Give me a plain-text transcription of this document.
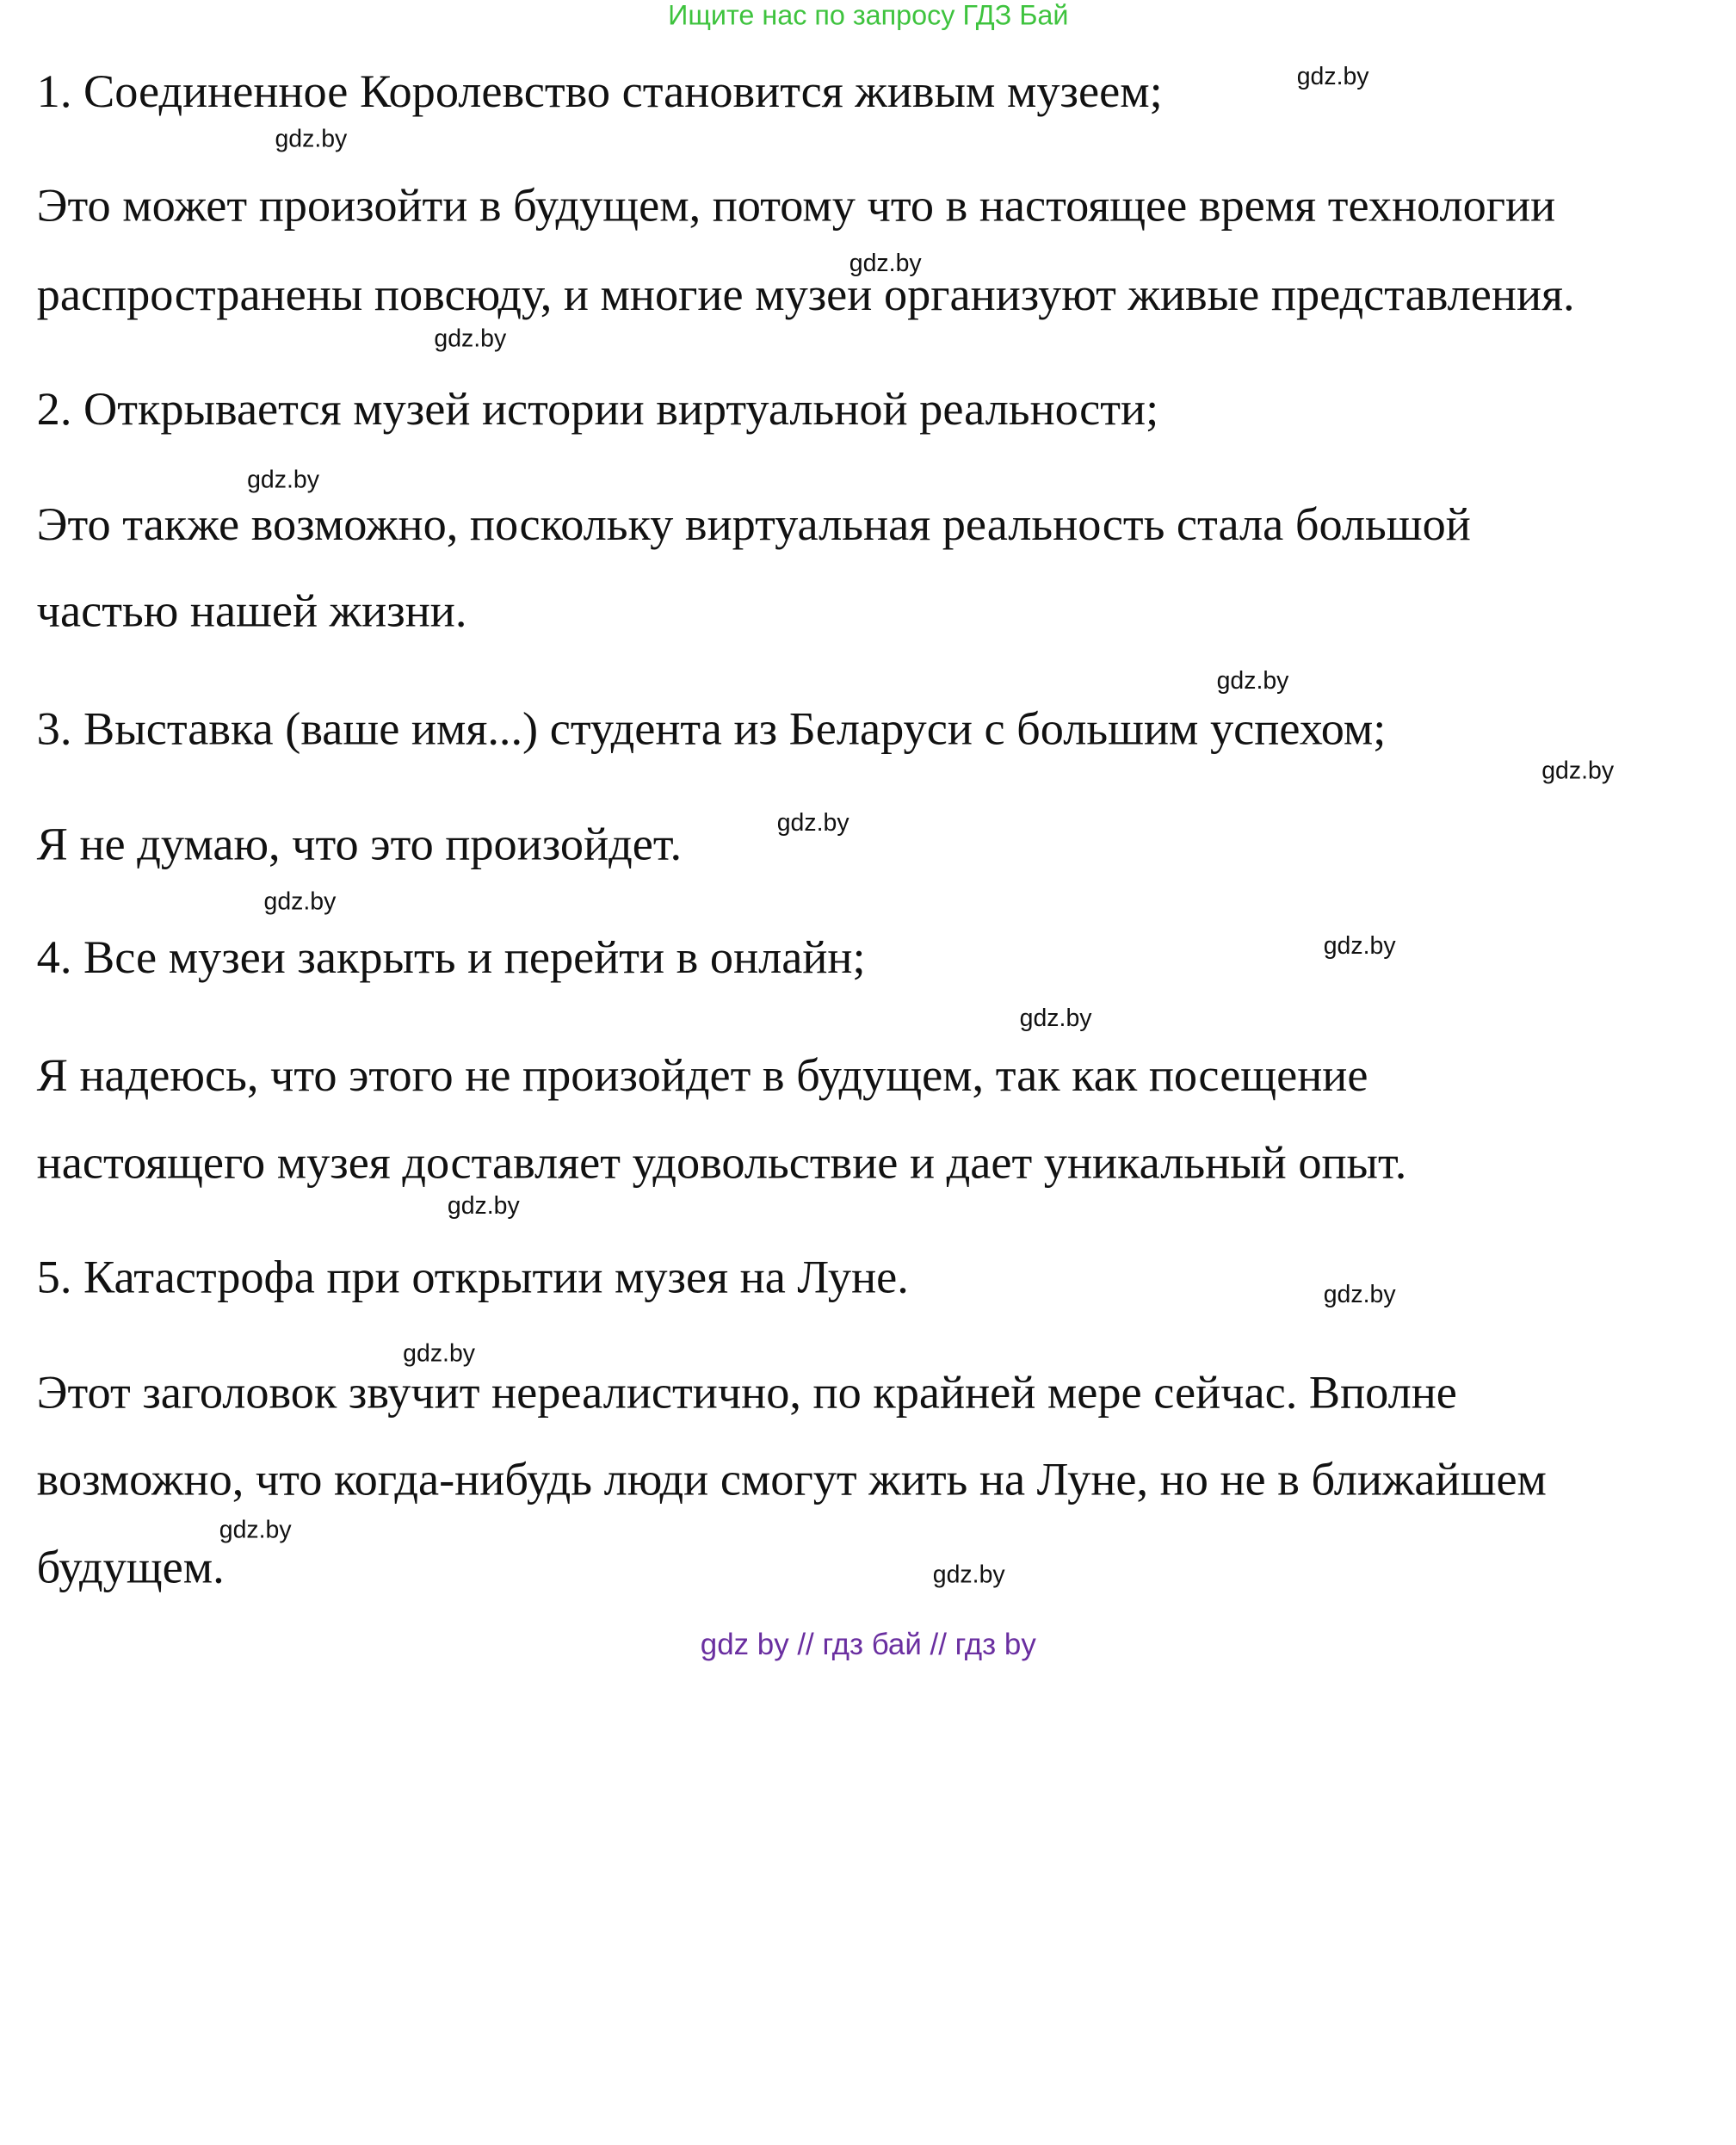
Ищите нас по запросу ГДЗ Бай
1. Соединенное Королевство становится живым музеем;
Это может произойти в будущем, потому что в настоящее время технологии
распространены повсюду, и многие музеи организуют живые представления.
2. Открывается музей истории виртуальной реальности;
Это также возможно, поскольку виртуальная реальность стала большой
частью нашей жизни.
3. Выставка (ваше имя...) студента из Беларуси с большим успехом;
Я не думаю, что это произойдет.
4. Все музеи закрыть и перейти в онлайн;
Я надеюсь, что этого не произойдет в будущем, так как посещение
настоящего музея доставляет удовольствие и дает уникальный опыт.
5. Катастрофа при открытии музея на Луне.
Этот заголовок звучит нереалистично, по крайней мере сейчас. Вполне
возможно, что когда-нибудь люди смогут жить на Луне, но не в ближайшем
будущем.
gdz.by
gdz.by
gdz.by
gdz.by
gdz.by
gdz.by
gdz.by
gdz.by
gdz.by
gdz.by
gdz.by
gdz.by
gdz.by
gdz.by
gdz.by
gdz.by
gdz by // гдз бай // гдз by
